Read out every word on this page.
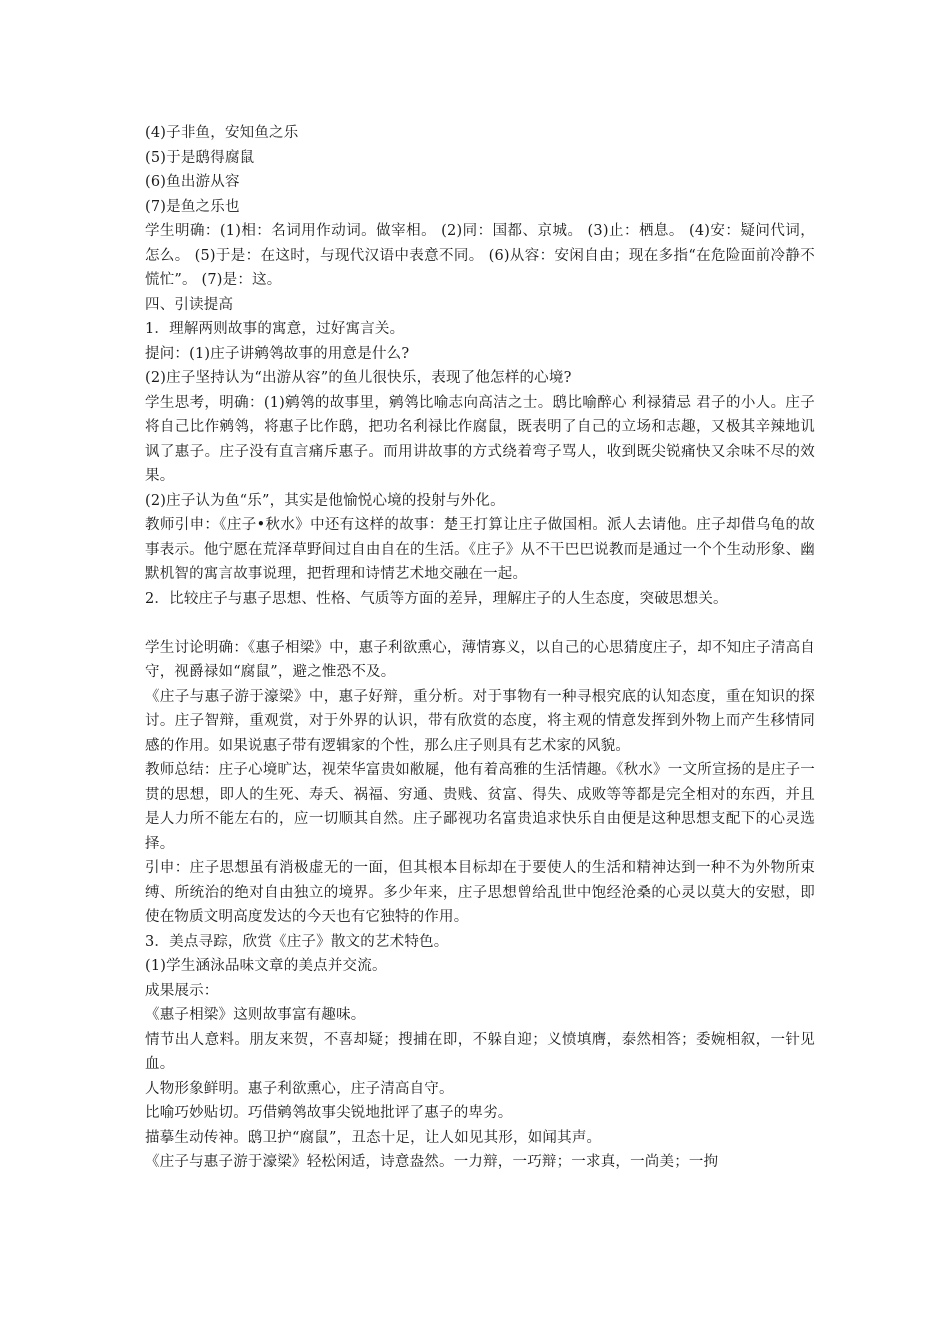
(4)子非鱼，安知鱼之乐

(5)于是鸱得腐鼠

(6)鱼出游从容

(7)是鱼之乐也

学生明确：(1)相：名词用作动词。做宰相。 (2)同：国都、京城。 (3)止：栖息。 (4)安：疑问代词，怎么。 (5)于是：在这时，与现代汉语中表意不同。 (6)从容：安闲自由；现在多指“在危险面前冷静不慌忙”。 (7)是：这。

四、引读提高

1．理解两则故事的寓意，过好寓言关。

提问：(1)庄子讲鹓鸰故事的用意是什么?

(2)庄子坚持认为“出游从容”的鱼儿很快乐，表现了他怎样的心境?

学生思考，明确：(1)鹓鸰的故事里，鹓鸰比喻志向高洁之士。鸱比喻醉心 利禄猜忌 君子的小人。庄子将自己比作鹓鸰，将惠子比作鸱，把功名利禄比作腐鼠，既表明了自己的立场和志趣，又极其辛辣地讥讽了惠子。庄子没有直言痛斥惠子。而用讲故事的方式绕着弯子骂人，收到既尖锐痛快又余味不尽的效果。

(2)庄子认为鱼“乐”，其实是他愉悦心境的投射与外化。

教师引申：《庄子•秋水》中还有这样的故事：楚王打算让庄子做国相。派人去请他。庄子却借乌龟的故事表示。他宁愿在荒泽草野间过自由自在的生活。《庄子》从不干巴巴说教而是通过一个个生动形象、幽默机智的寓言故事说理，把哲理和诗情艺术地交融在一起。

2．比较庄子与惠子思想、性格、气质等方面的差异，理解庄子的人生态度，突破思想关。

学生讨论明确：《惠子相梁》中，惠子利欲熏心，薄情寡义，以自己的心思猜度庄子，却不知庄子清高自守，视爵禄如“腐鼠”，避之惟恐不及。

《庄子与惠子游于濠梁》中，惠子好辩，重分析。对于事物有一种寻根究底的认知态度，重在知识的探讨。庄子智辩，重观赏，对于外界的认识，带有欣赏的态度，将主观的情意发挥到外物上而产生移情同感的作用。如果说惠子带有逻辑家的个性，那么庄子则具有艺术家的风貌。

教师总结：庄子心境旷达，视荣华富贵如敝屣，他有着高雅的生活情趣。《秋水》一文所宣扬的是庄子一贯的思想，即人的生死、寿夭、祸福、穷通、贵贱、贫富、得失、成败等等都是完全相对的东西，并且是人力所不能左右的，应一切顺其自然。庄子鄙视功名富贵追求快乐自由便是这种思想支配下的心灵选择。

引申：庄子思想虽有消极虚无的一面，但其根本目标却在于要使人的生活和精神达到一种不为外物所束缚、所统治的绝对自由独立的境界。多少年来，庄子思想曾给乱世中饱经沧桑的心灵以莫大的安慰，即使在物质文明高度发达的今天也有它独特的作用。

3．美点寻踪，欣赏《庄子》散文的艺术特色。

(1)学生涵泳品味文章的美点并交流。

成果展示：

《惠子相梁》这则故事富有趣味。

情节出人意料。朋友来贺，不喜却疑；搜捕在即，不躲自迎；义愤填膺，泰然相答；委婉相叙，一针见血。

人物形象鲜明。惠子利欲熏心，庄子清高自守。

比喻巧妙贴切。巧借鹓鸰故事尖锐地批评了惠子的卑劣。

描摹生动传神。鸱卫护“腐鼠”，丑态十足，让人如见其形，如闻其声。

《庄子与惠子游于濠梁》轻松闲适，诗意盎然。一力辩，一巧辩；一求真，一尚美；一拘
